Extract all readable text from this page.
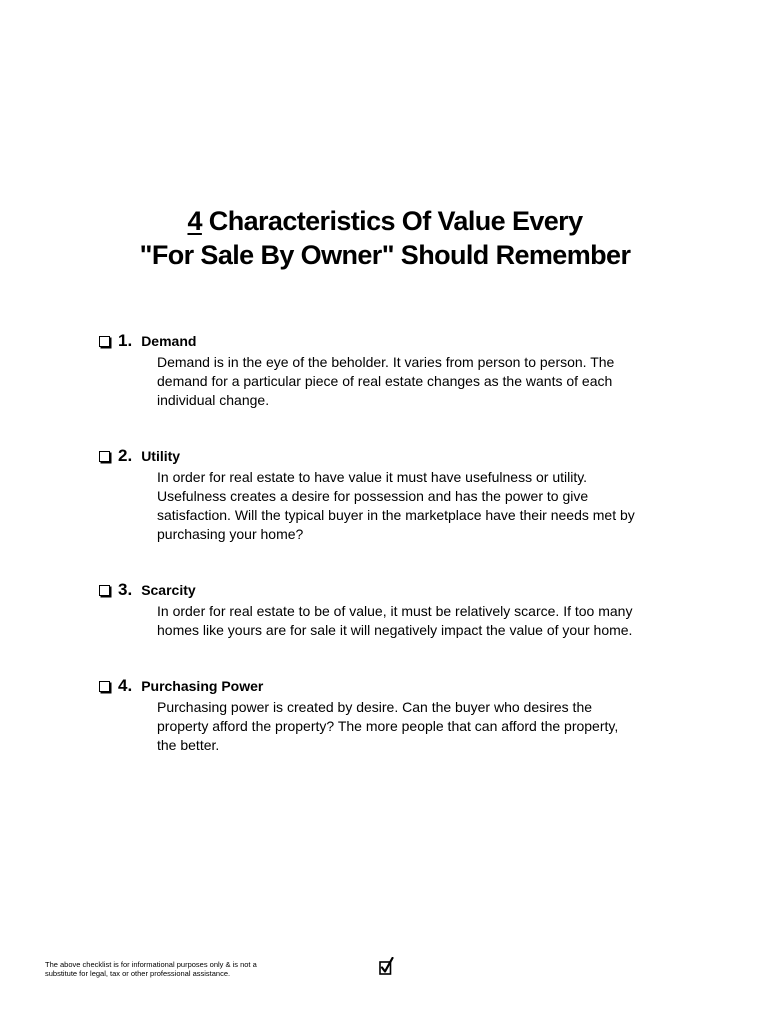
4 Characteristics Of Value Every
"For Sale By Owner" Should Remember
1. Demand

Demand is in the eye of the beholder. It varies from person to person. The

demand for a particular piece of real estate changes as the wants of each

individual change.

2. Utility

In order for real estate to have value it must have usefulness or utility.

Usefulness creates a desire for possession and has the power to give

satisfaction. Will the typical buyer in the marketplace have their needs met by

purchasing your home?

3. Scarcity

In order for real estate to be of value, it must be relatively scarce. If too many

homes like yours are for sale it will negatively impact the value of your home.

4. Purchasing Power

Purchasing power is created by desire. Can the buyer who desires the

property afford the property? The more people that can afford the property,

the better.

The above checklist is for informational purposes only & is not a
substitute for legal, tax or other professional assistance.
